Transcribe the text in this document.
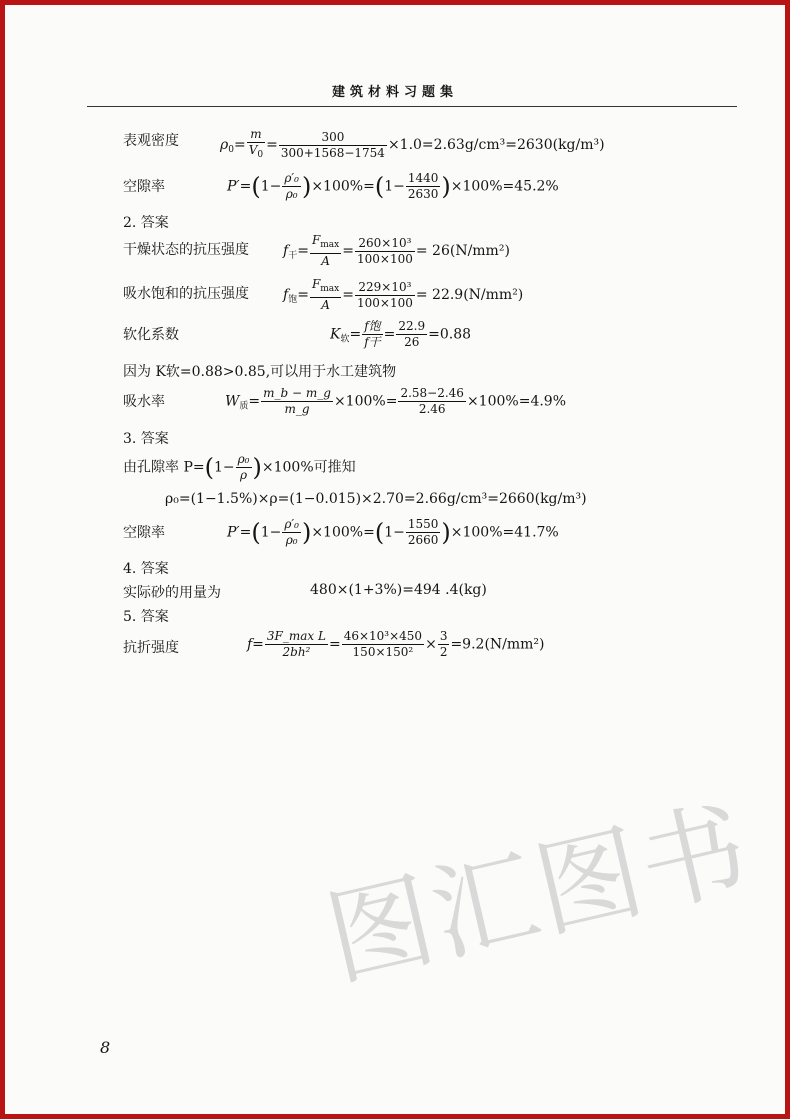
建筑材料习题集
表观密度	$\rho_0= \frac{m}{V_0} = \frac{300}{300+1568-1754} \times 1.0=2.63g/cm^3=2630(kg/m^3)$
空隙率	$P'=(1- \frac{\text{ρ′₀}}{\text{ρ₀}} )\times 100\%=(1- \frac{1440}{2630} )\times 100\%=45.2\%$
2. 答案
干燥状态的抗压强度 $f_干= \frac{F_{max}}{A} = \frac{\text{260×10³}}{100\times 100} = 26(N/mm^2)$
吸水饱和的抗压强度 $f_饱= \frac{F_{max}}{A} = \frac{\text{229×10³}}{100\times 100} = 22.9(N/mm^2)$
软化系数	$K_软= \frac{\text{f饱}}{\text{f干}} = \frac{22.9}{26} =0.88$
因为 K软=0.88>0.85,可以用于水工建筑物
吸水率	$W_质= \frac{m\_b - m\_g}{m\_g} \times 100\%= \frac{2.58-2.46}{2.46} \times 100\%=4.9\%$
3. 答案
由孔隙率 $P=(1- \frac{\text{ρ₀}}{\rho} )\times 100\%$可推知
ρ₀=(1−1.5%)×ρ=(1−0.015)×2.70=2.66g/cm³=2660(kg/m³)
空隙率	$P'=(1- \frac{\text{ρ′₀}}{\text{ρ₀}} )\times 100\%=(1- \frac{1550}{2660} )\times 100\%=41.7\%$
4. 答案
实际砂的用量为	480×(1+3%)=494 .4(kg)
5. 答案
抗折强度	$f= \frac{\text{3F\_max L}}{\text{2bh²}} = \frac{\text{46×10³×450}}{\text{150×150²}} \times \frac{3}{2} =9.2(N/mm^2)$
图汇图书
8
